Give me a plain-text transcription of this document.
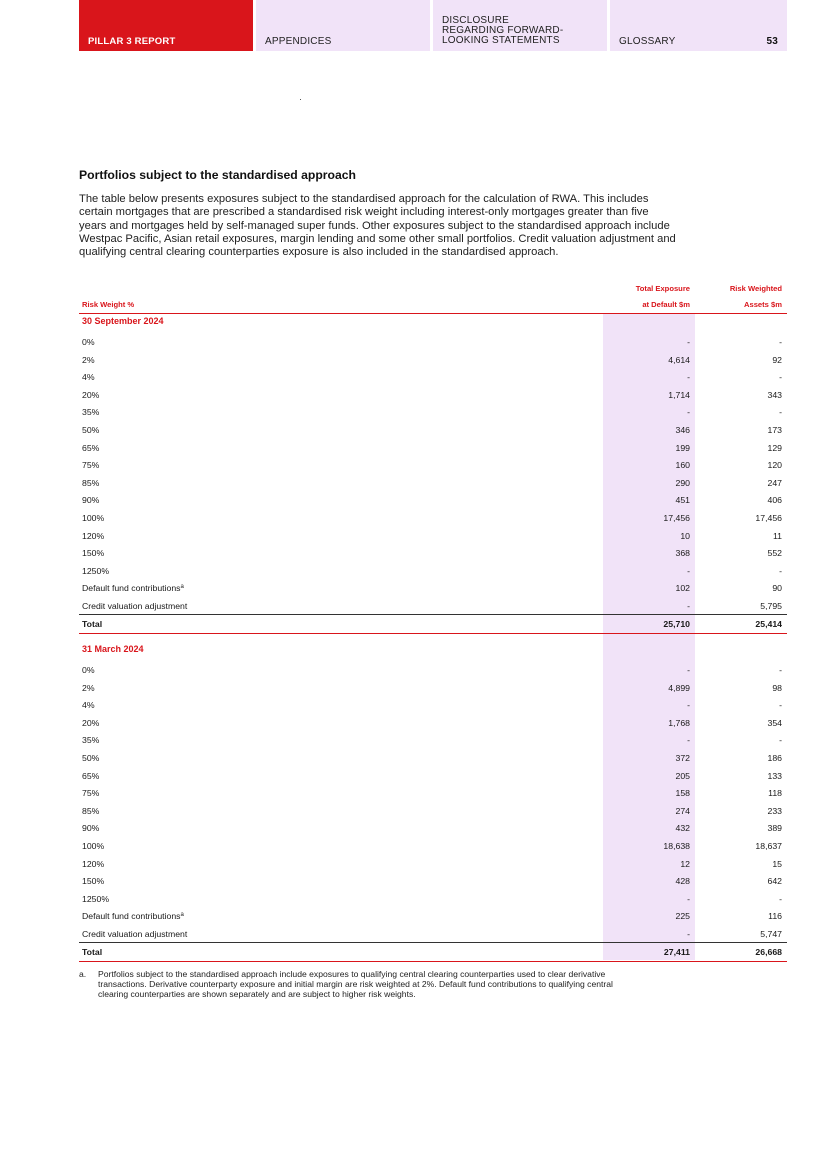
PILLAR 3 REPORT	APPENDICES
DISCLOSURE
REGARDING FORWARD-
LOOKING STATEMENTS	GLOSSARY	53
Portfolios subject to the standardised approach
The table below presents exposures subject to the standardised approach for the calculation of RWA. This includes
certain mortgages that are prescribed a standardised risk weight including interest-only mortgages greater than five
years and mortgages held by self-managed super funds. Other exposures subject to the standardised approach include
Westpac Pacific, Asian retail exposures, margin lending and some other small portfolios. Credit valuation adjustment and
qualifying central clearing counterparties exposure is also included in the standardised approach.
Risk Weight %
Total Exposure
at Default $m
Risk Weighted
Assets $m
30 September 2024
0%	-	-
2%	4,614	92
4%	-	-
20%	1,714	343
35%	-	-
50%	346	173
65%	199	129
75%	160	120
85%	290	247
90%	451	406
100%	17,456	17,456
120%	10	11
150%	368	552
1250%	-	-
Default fund contributions$^a$	102	90
Credit valuation adjustment	-	5,795
Total	25,710	25,414
31 March 2024
0%	-	-
2%	4,899	98
4%	-	-
20%	1,768	354
35%	-	-
50%	372	186
65%	205	133
75%	158	118
85%	274	233
90%	432	389
100%	18,638	18,637
120%	12	15
150%	428	642
1250%	-	-
Default fund contributions$^a$	225	116
Credit valuation adjustment	-	5,747
Total	27,411	26,668
a. Portfolios subject to the standardised approach include exposures to qualifying central clearing counterparties used to clear derivative
transactions. Derivative counterparty exposure and initial margin are risk weighted at 2%. Default fund contributions to qualifying central
clearing counterparties are shown separately and are subject to higher risk weights.
